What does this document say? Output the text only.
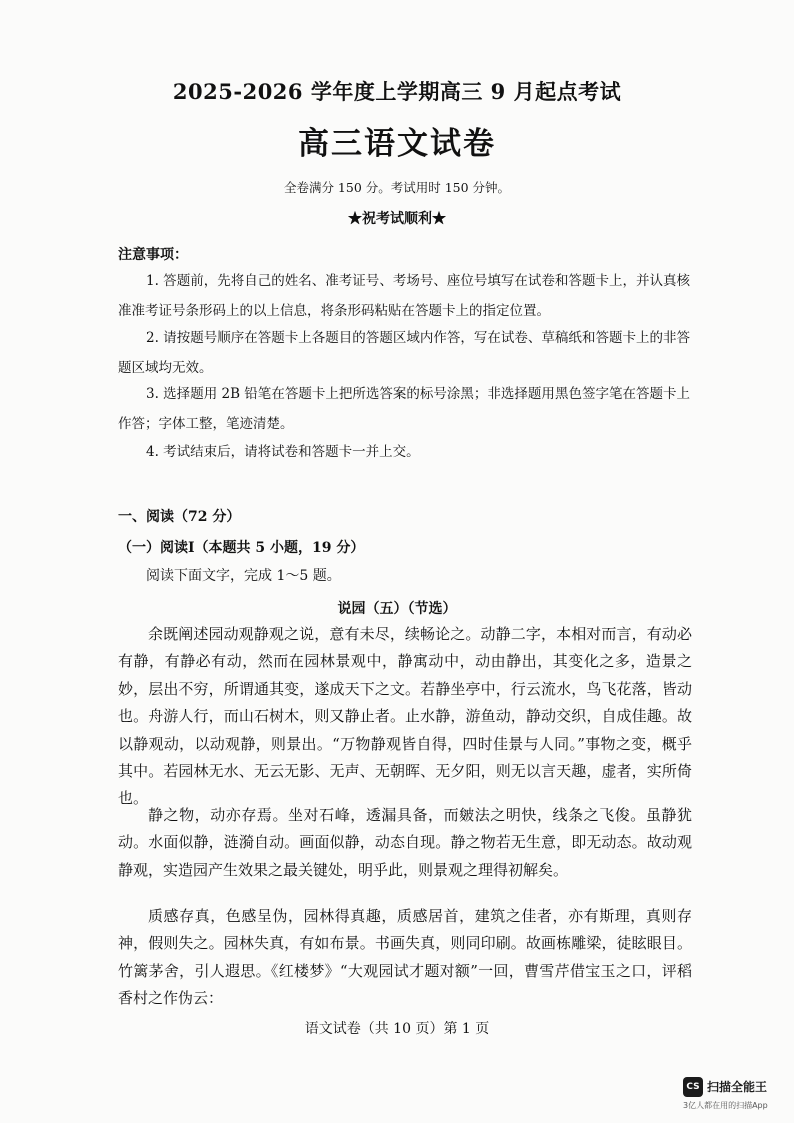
2025-2026 学年度上学期高三 9 月起点考试
高三语文试卷
全卷满分 150 分。考试用时 150 分钟。
★祝考试顺利★
注意事项：
1. 答题前，先将自己的姓名、准考证号、考场号、座位号填写在试卷和答题卡上，并认真核准准考证号条形码上的以上信息，将条形码粘贴在答题卡上的指定位置。
2. 请按题号顺序在答题卡上各题目的答题区域内作答，写在试卷、草稿纸和答题卡上的非答题区域均无效。
3. 选择题用 2B 铅笔在答题卡上把所选答案的标号涂黑；非选择题用黑色签字笔在答题卡上作答；字体工整，笔迹清楚。
4. 考试结束后，请将试卷和答题卡一并上交。
一、阅读（72 分）
（一）阅读Ⅰ（本题共 5 小题，19 分）
阅读下面文字，完成 1～5 题。
说园（五）（节选）
余既阐述园动观静观之说，意有未尽，续畅论之。动静二字，本相对而言，有动必有静，有静必有动，然而在园林景观中，静寓动中，动由静出，其变化之多，造景之妙，层出不穷，所谓通其变，遂成天下之文。若静坐亭中，行云流水，鸟飞花落，皆动也。舟游人行，而山石树木，则又静止者。止水静，游鱼动，静动交织，自成佳趣。故以静观动，以动观静，则景出。“万物静观皆自得，四时佳景与人同。”事物之变，概乎其中。若园林无水、无云无影、无声、无朝晖、无夕阳，则无以言天趣，虚者，实所倚也。
静之物，动亦存焉。坐对石峰，透漏具备，而皴法之明快，线条之飞俊。虽静犹动。水面似静，涟漪自动。画面似静，动态自现。静之物若无生意，即无动态。故动观静观，实造园产生效果之最关键处，明乎此，则景观之理得初解矣。
质感存真，色感呈伪，园林得真趣，质感居首，建筑之佳者，亦有斯理，真则存神，假则失之。园林失真，有如布景。书画失真，则同印刷。故画栋雕梁，徒眩眼目。竹篱茅舍，引人遐思。《红楼梦》“大观园试才题对额”一回，曹雪芹借宝玉之口，评稻香村之作伪云：
语文试卷（共 10 页）第 1 页
CS 扫描全能王
3亿人都在用的扫描App
